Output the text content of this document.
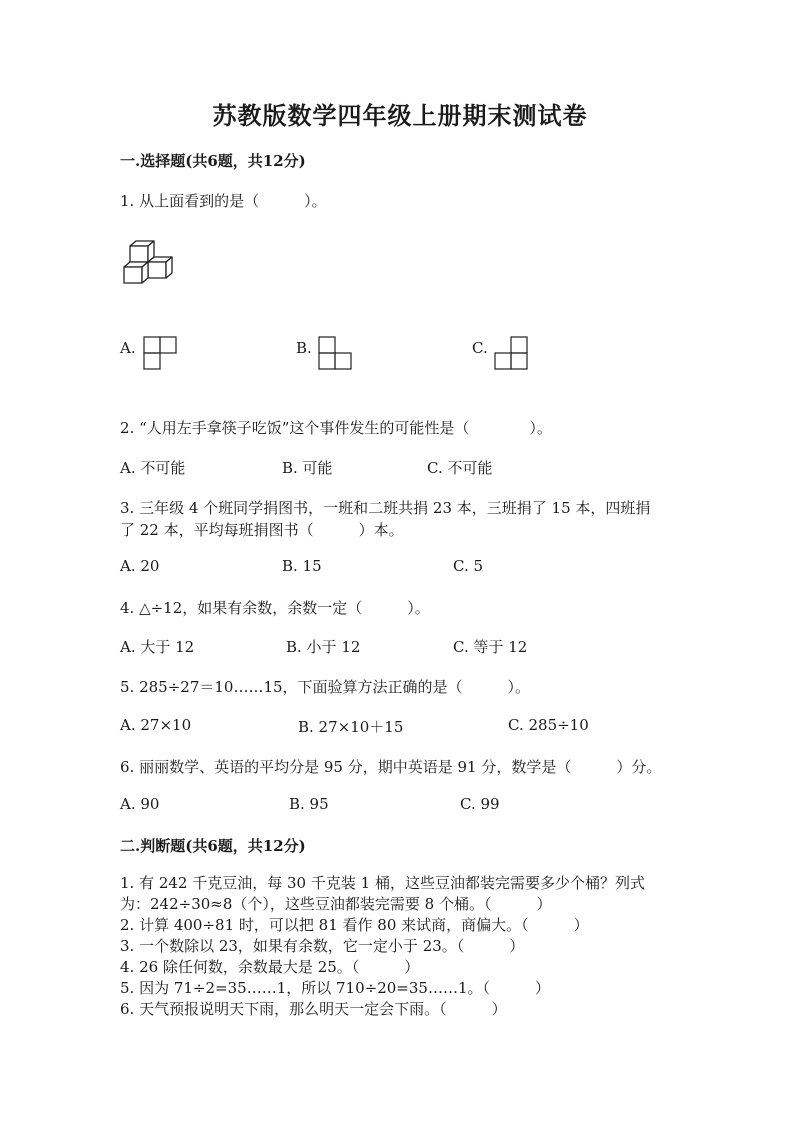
苏教版数学四年级上册期末测试卷
一.选择题(共6题，共12分)
1. 从上面看到的是（　　　）。
A.	B.	C.
2. “人用左手拿筷子吃饭”这个事件发生的可能性是（　　　　）。
A. 不可能	B. 可能	C. 不可能
3. 三年级 4 个班同学捐图书，一班和二班共捐 23 本，三班捐了 15 本，四班捐
了 22 本，平均每班捐图书（　　　）本。
A. 20	B. 15	C. 5
4. △÷12，如果有余数，余数一定（　　　）。
A. 大于 12	B. 小于 12	C. 等于 12
5. 285÷27＝10……15，下面验算方法正确的是（　　　）。
A. 27×10	B. 27×10＋15	C. 285÷10
6. 丽丽数学、英语的平均分是 95 分，期中英语是 91 分，数学是（　　　）分。
A. 90	B. 95	C. 99
二.判断题(共6题，共12分)
1. 有 242 千克豆油，每 30 千克装 1 桶，这些豆油都装完需要多少个桶？列式
为：242÷30≈8（个），这些豆油都装完需要 8 个桶。（　　　）
2. 计算 400÷81 时，可以把 81 看作 80 来试商，商偏大。（　　　）
3. 一个数除以 23，如果有余数，它一定小于 23。（　　　）
4. 26 除任何数，余数最大是 25。（　　　）
5. 因为 71÷2=35……1，所以 710÷20=35……1。（　　　）
6. 天气预报说明天下雨，那么明天一定会下雨。（　　　）
